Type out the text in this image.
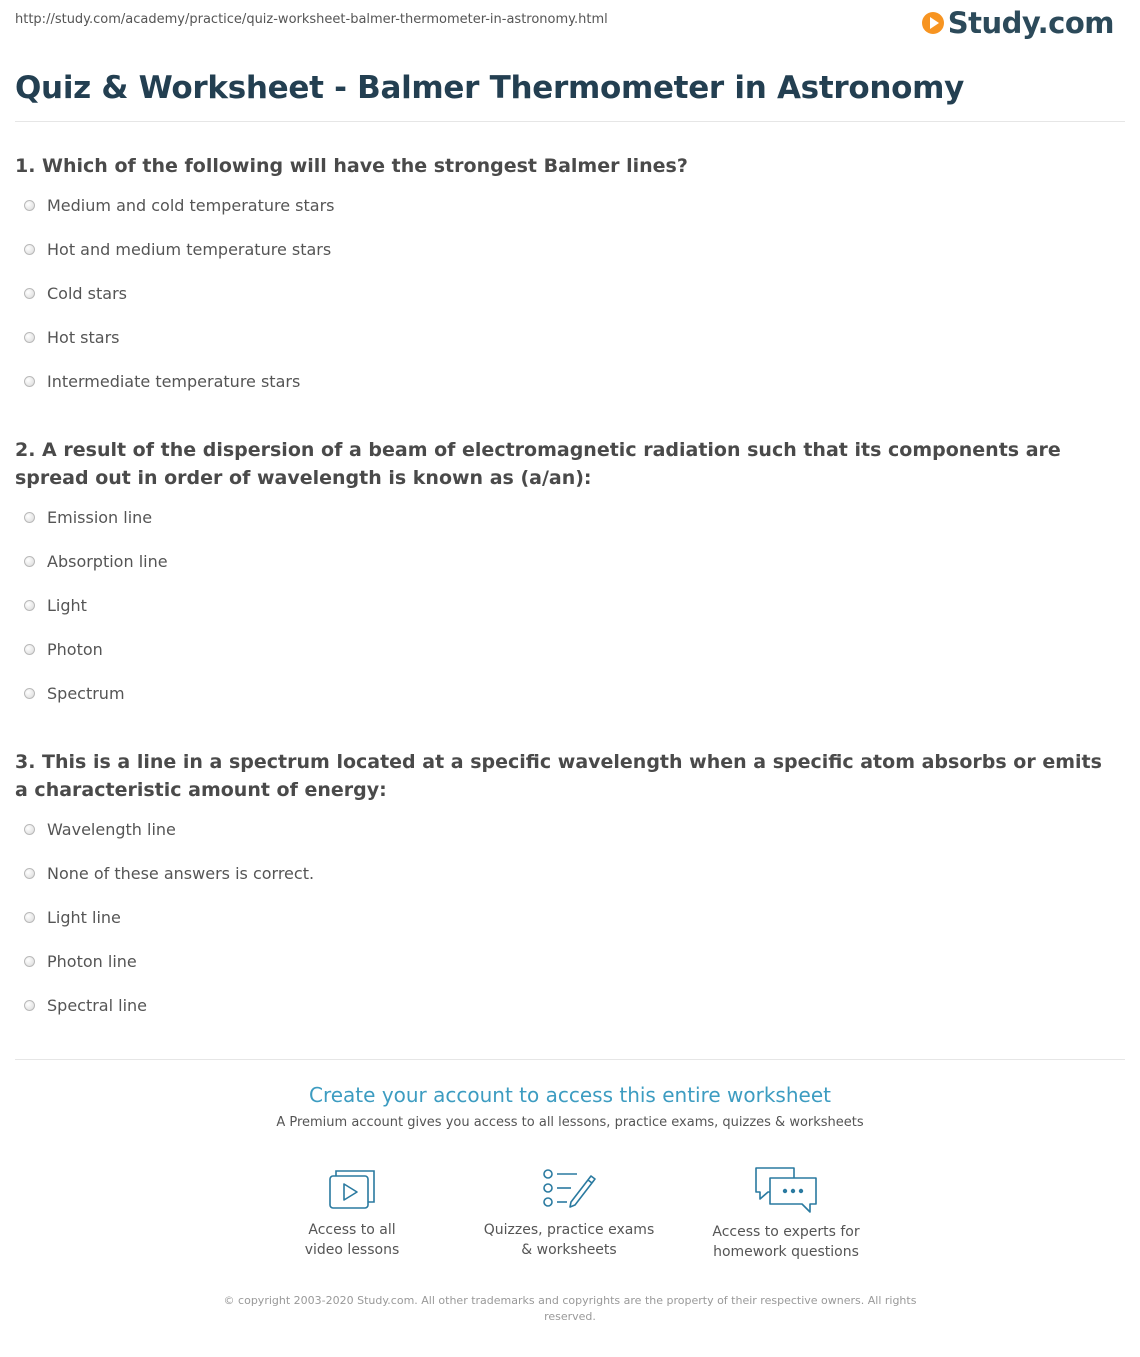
http://study.com/academy/practice/quiz-worksheet-balmer-thermometer-in-astronomy.html	Study.com
Quiz & Worksheet - Balmer Thermometer in Astronomy

1. Which of the following will have the strongest Balmer lines?

Medium and cold temperature stars
Hot and medium temperature stars
Cold stars
Hot stars
Intermediate temperature stars

2. A result of the dispersion of a beam of electromagnetic radiation such that its components are spread out in order of wavelength is known as (a/an):

Emission line
Absorption line
Light
Photon
Spectrum

3. This is a line in a spectrum located at a specific wavelength when a specific atom absorbs or emits a characteristic amount of energy:

Wavelength line
None of these answers is correct.
Light line
Photon line
Spectral line

Create your account to access this entire worksheet

A Premium account gives you access to all lessons, practice exams, quizzes & worksheets
Access to all
video lessons
Quizzes, practice exams
& worksheets
Access to experts for
homework questions
© copyright 2003-2020 Study.com. All other trademarks and copyrights are the property of their respective owners. All rights reserved.
